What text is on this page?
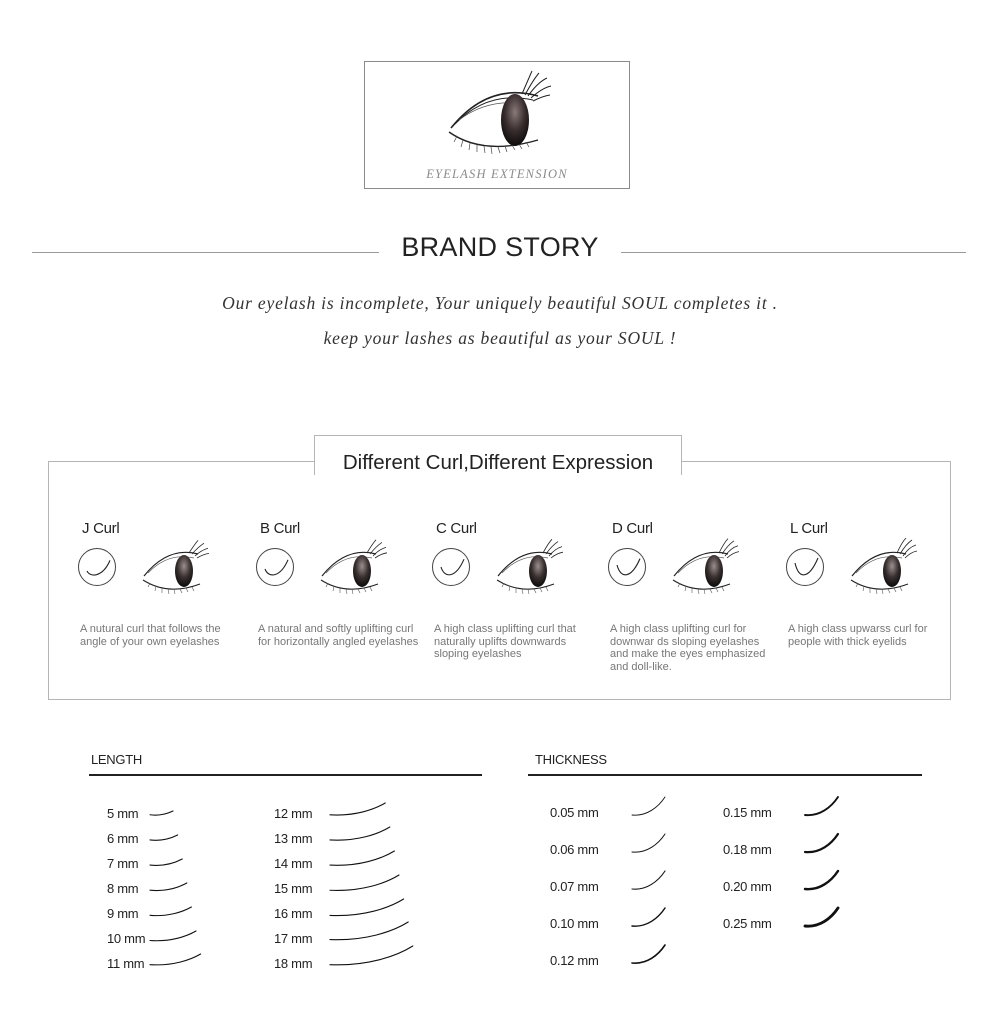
EYELASH EXTENSION
BRAND STORY
Our eyelash is incomplete, Your uniquely beautiful SOUL completes it .
keep your lashes as beautiful as your SOUL !
Different Curl,Different Expression
J Curl
A nutural curl that follows the angle of your own eyelashes
B Curl
A natural and softly uplifting curl for horizontally angled eyelashes
C Curl
A high class uplifting curl that naturally uplifts downwards sloping eyelashes
D Curl
A high class uplifting curl for downwar ds sloping eyelashes and make the eyes emphasized and doll-like.
L Curl
A high class upwarss curl for people with thick eyelids
LENGTH
5 mm
6 mm
7 mm
8 mm
9 mm
10 mm
11 mm
12 mm
13 mm
14 mm
15 mm
16 mm
17 mm
18 mm
THICKNESS
0.05 mm
0.06 mm
0.07 mm
0.10 mm
0.12 mm
0.15 mm
0.18 mm
0.20 mm
0.25 mm
